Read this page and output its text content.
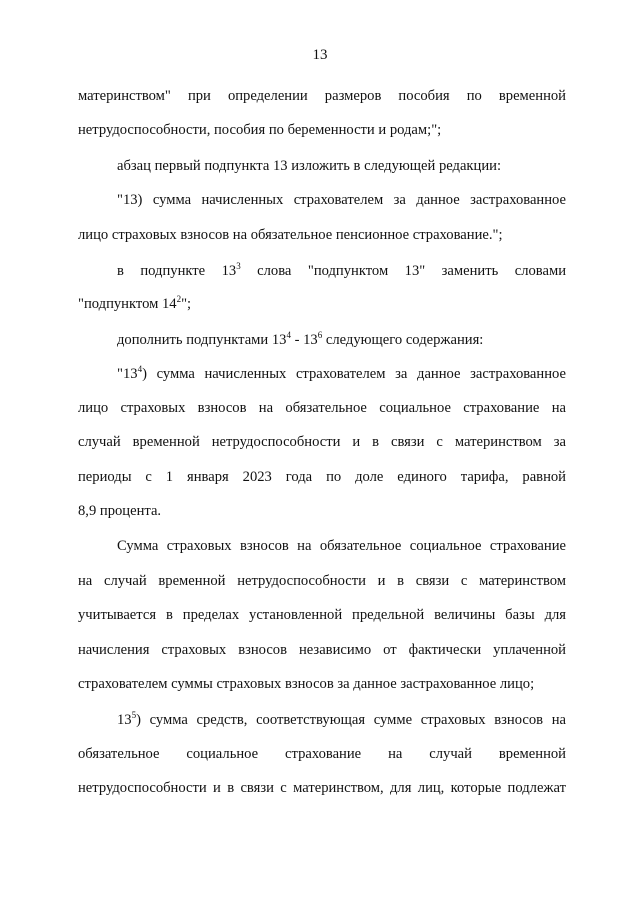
13
материнством" при определении размеров пособия по временной
нетрудоспособности, пособия по беременности и родам;";
абзац первый подпункта 13 изложить в следующей редакции:
"13) сумма начисленных страхователем за данное застрахованное
лицо страховых взносов на обязательное пенсионное страхование.";
в подпункте $13^3$ слова "подпунктом 13" заменить словами
"подпунктом $14^2$";
дополнить подпунктами $13^4 - 13^6$ следующего содержания:
"$13^4$) сумма начисленных страхователем за данное застрахованное
лицо страховых взносов на обязательное социальное страхование на
случай временной нетрудоспособности и в связи с материнством за
периоды с 1 января 2023 года по доле единого тарифа, равной
8,9 процента.
Сумма страховых взносов на обязательное социальное страхование
на случай временной нетрудоспособности и в связи с материнством
учитывается в пределах установленной предельной величины базы для
начисления страховых взносов независимо от фактически уплаченной
страхователем суммы страховых взносов за данное застрахованное лицо;
$13^5$) сумма средств, соответствующая сумме страховых взносов на
обязательное социальное страхование на случай временной
нетрудоспособности и в связи с материнством, для лиц, которые подлежат
